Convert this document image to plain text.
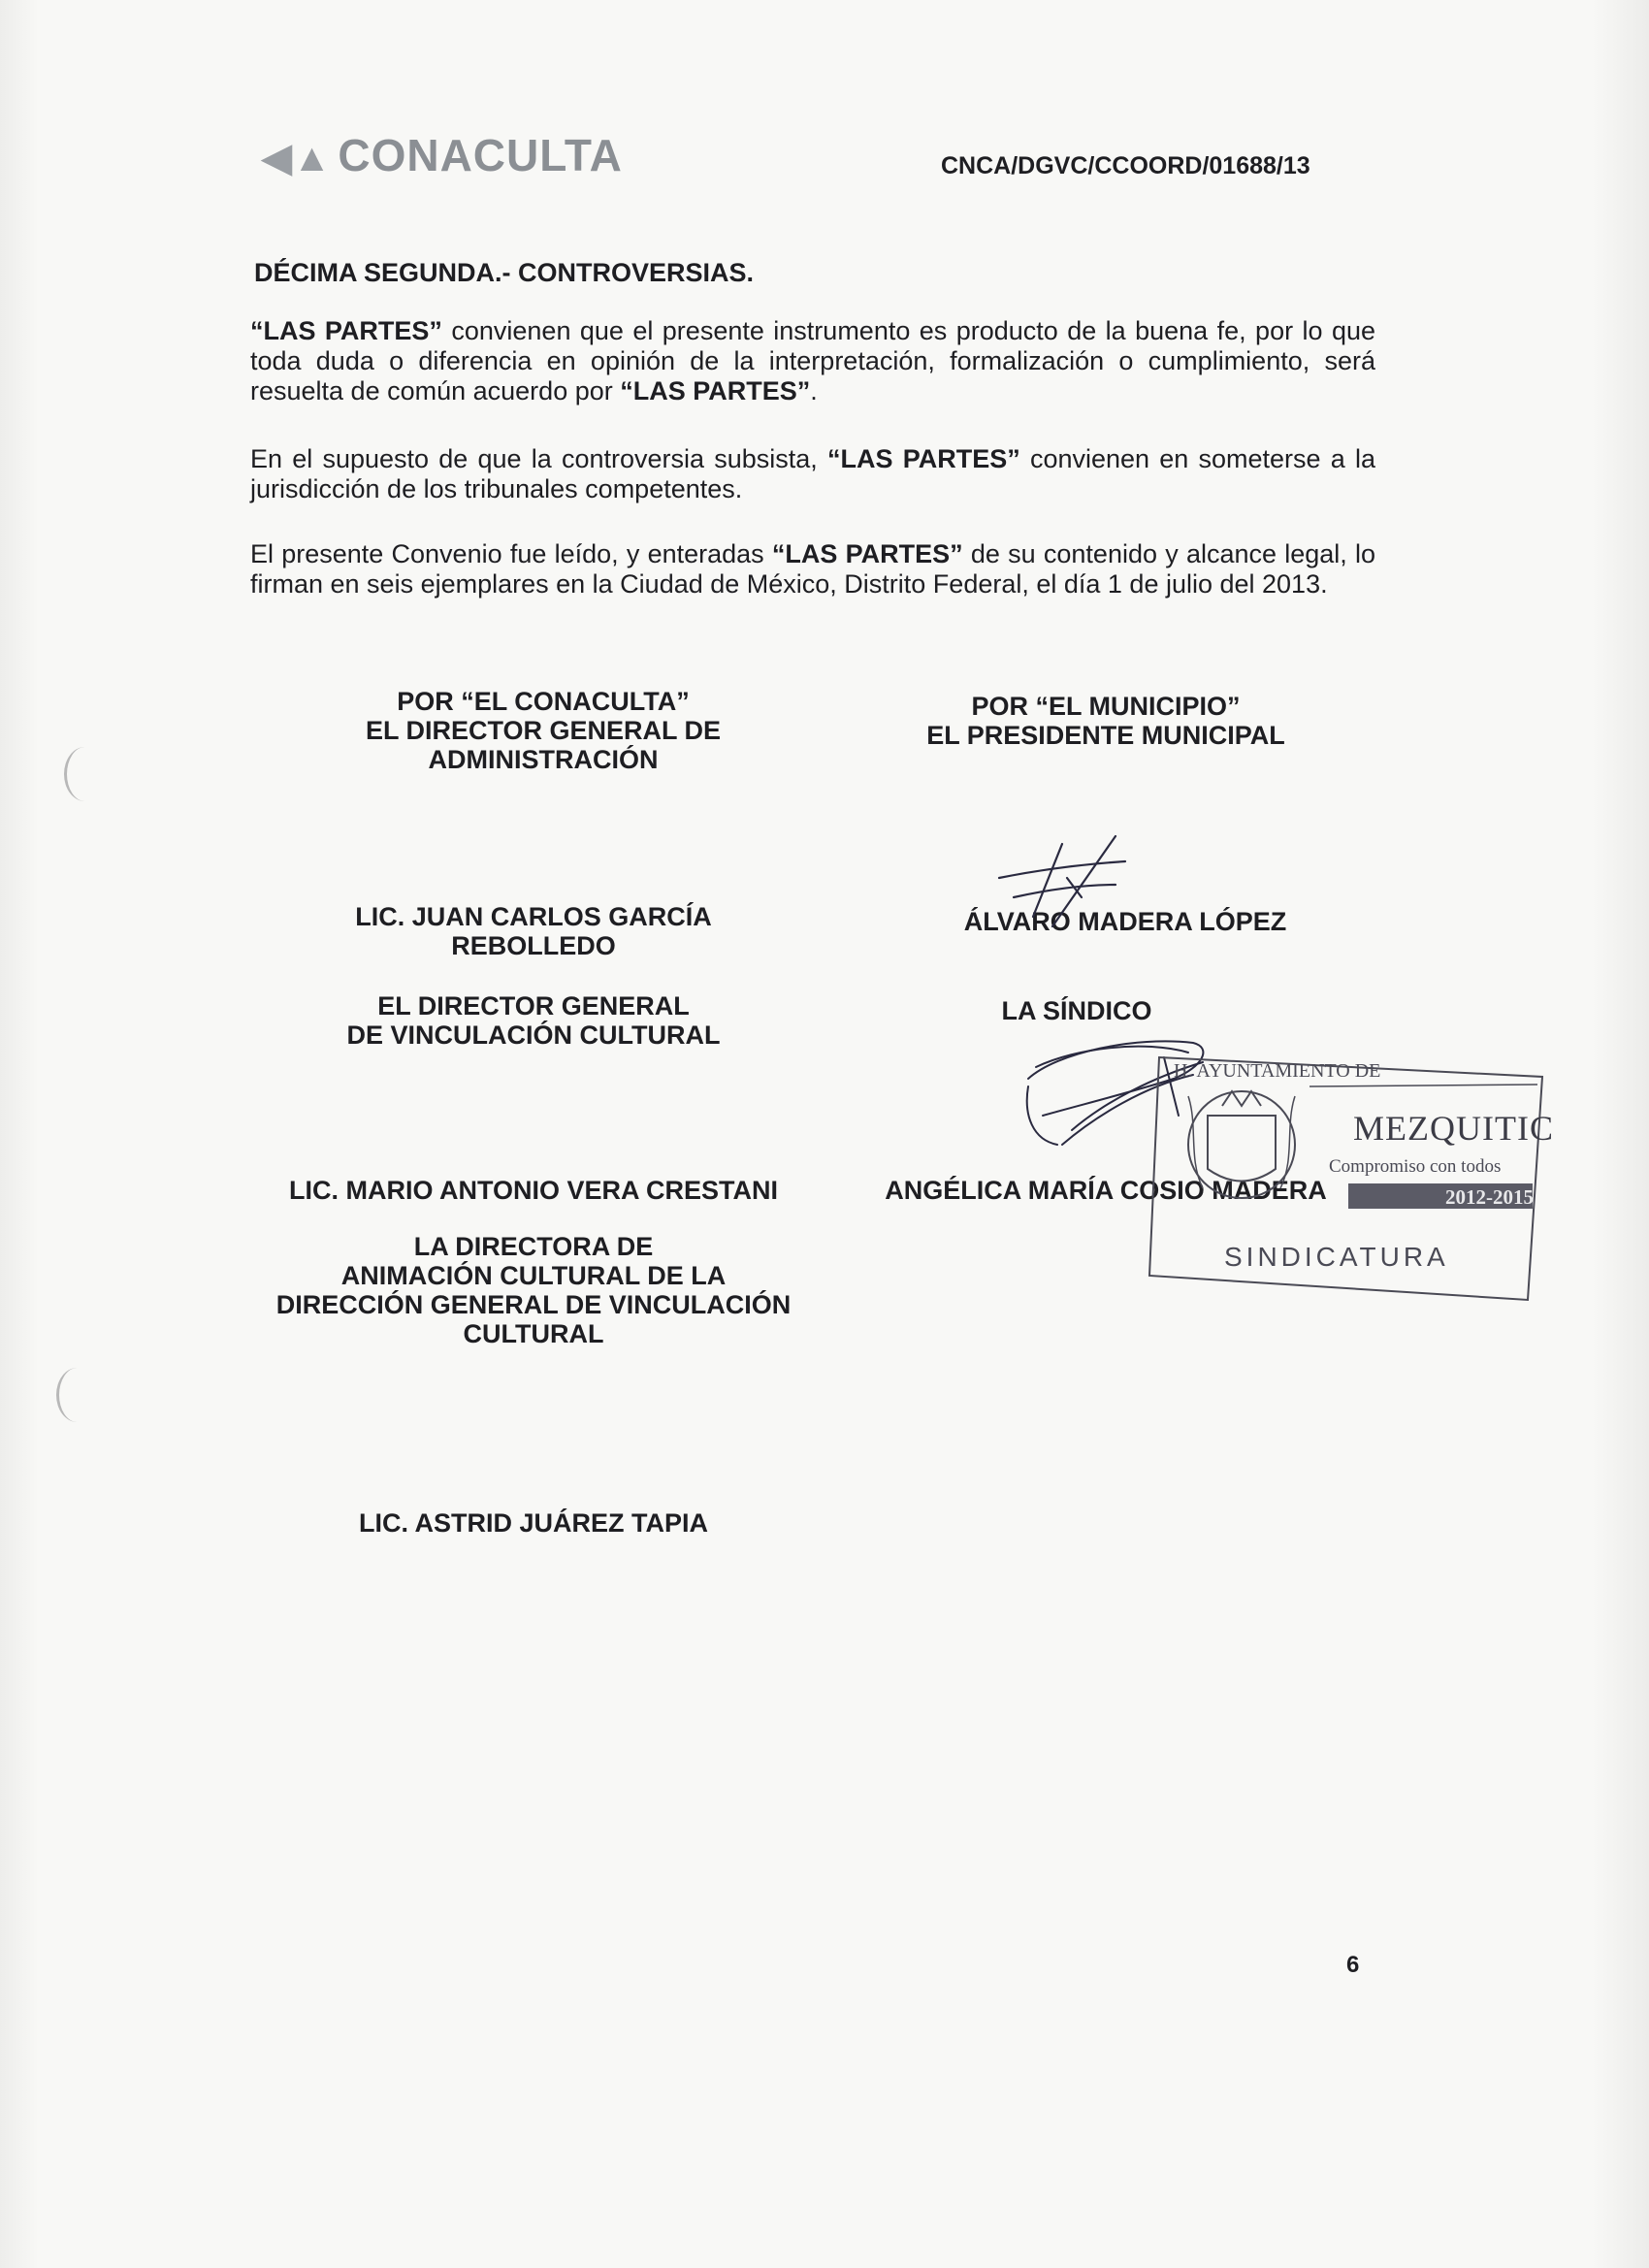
◀▲ CONACULTA	CNCA/DGVC/CCOORD/01688/13
DÉCIMA SEGUNDA.- CONTROVERSIAS.
“LAS PARTES” convienen que el presente instrumento es producto de la buena fe, por lo que toda duda o diferencia en opinión de la interpretación, formalización o cumplimiento, será resuelta de común acuerdo por “LAS PARTES”.
En el supuesto de que la controversia subsista, “LAS PARTES” convienen en someterse a la jurisdicción de los tribunales competentes.
El presente Convenio fue leído, y enteradas “LAS PARTES” de su contenido y alcance legal, lo firman en seis ejemplares en la Ciudad de México, Distrito Federal, el día 1 de julio del 2013.
POR “EL CONACULTA”
EL DIRECTOR GENERAL DE
ADMINISTRACIÓN
LIC. JUAN CARLOS GARCÍA
REBOLLEDO
EL DIRECTOR GENERAL
DE VINCULACIÓN CULTURAL
LIC. MARIO ANTONIO VERA CRESTANI
LA DIRECTORA DE
ANIMACIÓN CULTURAL DE LA
DIRECCIÓN GENERAL DE VINCULACIÓN
CULTURAL
LIC. ASTRID JUÁREZ TAPIA
POR “EL MUNICIPIO”
EL PRESIDENTE MUNICIPAL
ÁLVARO MADERA LÓPEZ
LA SÍNDICO
ANGÉLICA MARÍA COSIO MADERA
H. AYUNTAMIENTO DE
MEZQUITIC
Compromiso con todos
2012-2015
SINDICATURA
6
